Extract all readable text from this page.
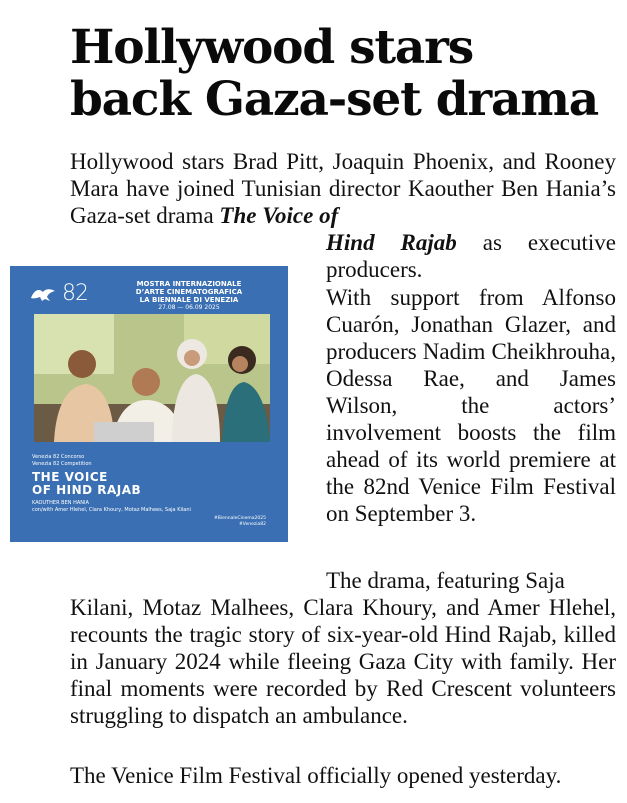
Hollywood stars
back Gaza-set drama

Hollywood stars Brad Pitt, Joaquin Phoenix, and Rooney Mara have joined Tunisian director Kaouther Ben Hania’s Gaza-set drama The Voice of
Hind Rajab as executive producers.

With support from Alfonso Cuarón, Jonathan Glazer, and producers Nadim Cheikhrouha, Odessa Rae, and James Wilson, the actors’ involvement boosts the film ahead of its world premiere at the 82nd Venice Film Festival on September 3.

The drama, featuring Saja
Kilani, Motaz Malhees, Clara Khoury, and Amer Hlehel, recounts the tragic story of six-year-old Hind Rajab, killed in January 2024 while fleeing Gaza City with family. Her final moments were recorded by Red Crescent volunteers struggling to dispatch an ambulance.

The Venice Film Festival officially opened yesterday.

82	MOSTRA INTERNAZIONALE
D’ARTE CINEMATOGRAFICA
LA BIENNALE DI VENEZIA
27.08 — 06.09 2025
Venezia 82 Concorso
Venezia 82 Competition
THE VOICE
OF HIND RAJAB
KAOUTHER BEN HANIA
con/with Amer Hlehel, Clara Khoury, Motaz Malhees, Saja Kilani
#BiennaleCinema2025
#Venezia82
